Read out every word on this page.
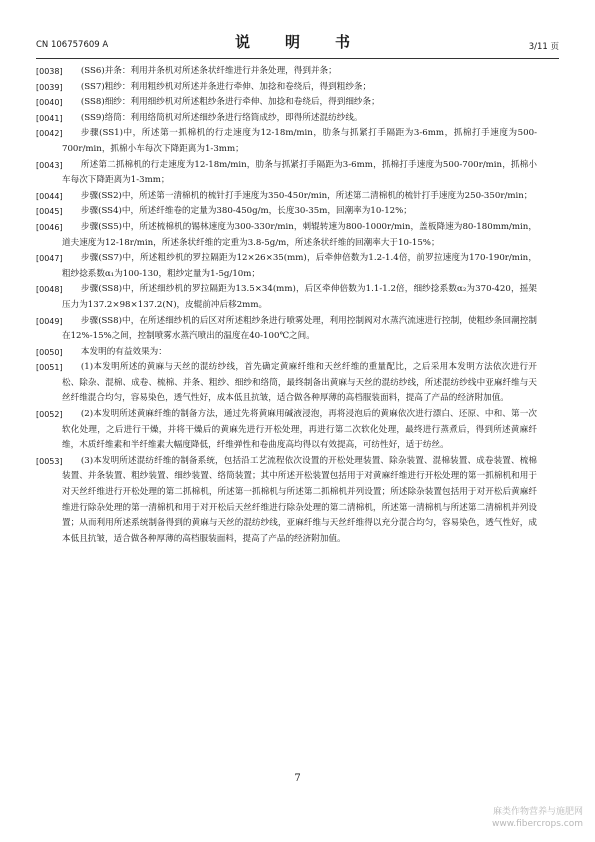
CN 106757609 A	说　明　书	3/11 页
[0038]	(SS6)并条：利用并条机对所述条状纤维进行并条处理，得到并条；
[0039]	(SS7)粗纱：利用粗纱机对所述并条进行牵伸、加捻和卷绕后，得到粗纱条；
[0040]	(SS8)细纱：利用细纱机对所述粗纱条进行牵伸、加捻和卷绕后，得到细纱条；
[0041]	(SS9)络筒：利用络筒机对所述细纱条进行络筒成纱，即得所述混纺纱线。
[0042]	步骤(SS1)中，所述第一抓棉机的行走速度为12-18m/min，肋条与抓紧打手隔距为3-6mm，抓棉打手速度为500-700r/min，抓棉小车每次下降距离为1-3mm；
[0043]	所述第二抓棉机的行走速度为12-18m/min，肋条与抓紧打手隔距为3-6mm，抓棉打手速度为500-700r/min，抓棉小车每次下降距离为1-3mm；
[0044]	步骤(SS2)中，所述第一清棉机的梳针打手速度为350-450r/min，所述第二清棉机的梳针打手速度为250-350r/min；
[0045]	步骤(SS4)中，所述纤维卷的定量为380-450g/m，长度30-35m，回潮率为10-12%；
[0046]	步骤(SS5)中，所述梳棉机的锡林速度为300-330r/min，刺辊转速为800-1000r/min，盖板降速为80-180mm/min，道夫速度为12-18r/min，所述条状纤维的定重为3.8-5g/m，所述条状纤维的回潮率大于10-15%；
[0047]	步骤(SS7)中，所述粗纱机的罗拉隔距为12×26×35(mm)，后牵伸倍数为1.2-1.4倍，前罗拉速度为170-190r/min，粗纱捻系数α₁为100-130，粗纱定量为1-5g/10m；
[0048]	步骤(SS8)中，所述细纱机的罗拉隔距为13.5×34(mm)，后区牵伸倍数为1.1-1.2倍，细纱捻系数α₂为370-420，摇架压力为137.2×98×137.2(N)，皮辊前冲后移2mm。
[0049]	步骤(SS8)中，在所述细纱机的后区对所述粗纱条进行喷雾处理，利用控制阀对水蒸汽流速进行控制，使粗纱条回潮控制在12%-15%之间，控制喷雾水蒸汽喷出的温度在40-100℃之间。
[0050]	本发明的有益效果为：
[0051]	(1)本发明所述的黄麻与天丝的混纺纱线，首先确定黄麻纤维和天丝纤维的重量配比，之后采用本发明方法依次进行开松、除杂、混棉、成卷、梳棉、并条、粗纱、细纱和络筒，最终制备出黄麻与天丝的混纺纱线，所述混纺纱线中亚麻纤维与天丝纤维混合均匀，容易染色，透气性好，成本低且抗皱，适合做各种厚薄的高档服装面料，提高了产品的经济附加值。
[0052]	(2)本发明所述黄麻纤维的制备方法，通过先将黄麻用碱液浸泡，再将浸泡后的黄麻依次进行漂白、还原、中和、第一次软化处理，之后进行干燥，并将干燥后的黄麻先进行开松处理，再进行第二次软化处理，最终进行蒸煮后，得到所述黄麻纤维，木质纤维素和半纤维素大幅度降低，纤维弹性和卷曲度高均得以有效提高，可纺性好，适于纺丝。
[0053]	(3)本发明所述混纺纤维的制备系统，包括沿工艺流程依次设置的开松处理装置、除杂装置、混棉装置、成卷装置、梳棉装置、并条装置、粗纱装置、细纱装置、络筒装置；其中所述开松装置包括用于对黄麻纤维进行开松处理的第一抓棉机和用于对天丝纤维进行开松处理的第二抓棉机，所述第一抓棉机与所述第二抓棉机并列设置；所述除杂装置包括用于对开松后黄麻纤维进行除杂处理的第一清棉机和用于对开松后天丝纤维进行除杂处理的第二清棉机，所述第一清棉机与所述第二清棉机并列设置；从而利用所述系统制备得到的黄麻与天丝的混纺纱线，亚麻纤维与天丝纤维得以充分混合均匀，容易染色，透气性好，成本低且抗皱，适合做各种厚薄的高档服装面料，提高了产品的经济附加值。
7
麻类作物营养与施肥网
www.fibercrops.com
